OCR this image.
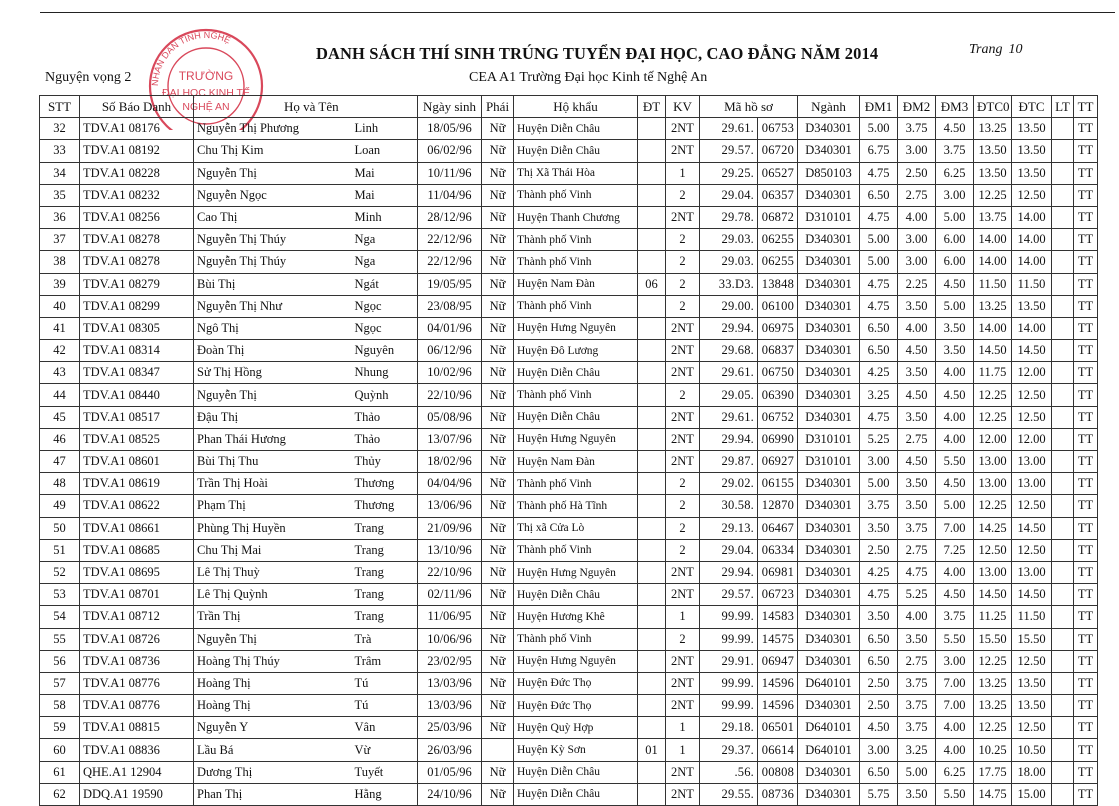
DANH SÁCH THÍ SINH TRÚNG TUYỂN ĐẠI HỌC, CAO ĐẲNG NĂM 2014	Trang 10
Nguyện vọng 2	CEA A1 Trường Đại học Kinh tế Nghệ An
NHÂN DÂN TỈNH NGHỆ
TRƯỜNG
ĐẠI HỌC KINH TẾ
NGHỆ AN
STT	Số Báo Danh	Họ và Tên		Ngày sinh	Phái	Hộ khẩu	ĐT	KV	Mã hồ sơ		Ngành	ĐM1	ĐM2	ĐM3	ĐTC0	ĐTC	LT	TT
32	TDV.A1 08176	Nguyễn Thị Phương	Linh	18/05/96	Nữ	Huyện Diễn Châu		2NT	29.61.	06753	D340301	5.00	3.75	4.50	13.25	13.50		TT
33	TDV.A1 08192	Chu Thị Kim	Loan	06/02/96	Nữ	Huyện Diễn Châu		2NT	29.57.	06720	D340301	6.75	3.00	3.75	13.50	13.50		TT
34	TDV.A1 08228	Nguyễn Thị	Mai	10/11/96	Nữ	Thị Xã Thái Hòa		1	29.25.	06527	D850103	4.75	2.50	6.25	13.50	13.50		TT
35	TDV.A1 08232	Nguyễn Ngọc	Mai	11/04/96	Nữ	Thành phố Vinh		2	29.04.	06357	D340301	6.50	2.75	3.00	12.25	12.50		TT
36	TDV.A1 08256	Cao Thị	Minh	28/12/96	Nữ	Huyện Thanh Chương		2NT	29.78.	06872	D310101	4.75	4.00	5.00	13.75	14.00		TT
37	TDV.A1 08278	Nguyễn Thị Thúy	Nga	22/12/96	Nữ	Thành phố Vinh		2	29.03.	06255	D340301	5.00	3.00	6.00	14.00	14.00		TT
38	TDV.A1 08278	Nguyễn Thị Thúy	Nga	22/12/96	Nữ	Thành phố Vinh		2	29.03.	06255	D340301	5.00	3.00	6.00	14.00	14.00		TT
39	TDV.A1 08279	Bùi Thị	Ngát	19/05/95	Nữ	Huyện Nam Đàn	06	2	33.D3.	13848	D340301	4.75	2.25	4.50	11.50	11.50		TT
40	TDV.A1 08299	Nguyễn Thị Như	Ngọc	23/08/95	Nữ	Thành phố Vinh		2	29.00.	06100	D340301	4.75	3.50	5.00	13.25	13.50		TT
41	TDV.A1 08305	Ngô Thị	Ngọc	04/01/96	Nữ	Huyện Hưng Nguyên		2NT	29.94.	06975	D340301	6.50	4.00	3.50	14.00	14.00		TT
42	TDV.A1 08314	Đoàn Thị	Nguyên	06/12/96	Nữ	Huyện Đô Lương		2NT	29.68.	06837	D340301	6.50	4.50	3.50	14.50	14.50		TT
43	TDV.A1 08347	Sử Thị Hồng	Nhung	10/02/96	Nữ	Huyện Diễn Châu		2NT	29.61.	06750	D340301	4.25	3.50	4.00	11.75	12.00		TT
44	TDV.A1 08440	Nguyễn Thị	Quỳnh	22/10/96	Nữ	Thành phố Vinh		2	29.05.	06390	D340301	3.25	4.50	4.50	12.25	12.50		TT
45	TDV.A1 08517	Đậu Thị	Thảo	05/08/96	Nữ	Huyện Diễn Châu		2NT	29.61.	06752	D340301	4.75	3.50	4.00	12.25	12.50		TT
46	TDV.A1 08525	Phan Thái Hương	Thảo	13/07/96	Nữ	Huyện Hưng Nguyên		2NT	29.94.	06990	D310101	5.25	2.75	4.00	12.00	12.00		TT
47	TDV.A1 08601	Bùi Thị Thu	Thủy	18/02/96	Nữ	Huyện Nam Đàn		2NT	29.87.	06927	D310101	3.00	4.50	5.50	13.00	13.00		TT
48	TDV.A1 08619	Trần Thị Hoài	Thương	04/04/96	Nữ	Thành phố Vinh		2	29.02.	06155	D340301	5.00	3.50	4.50	13.00	13.00		TT
49	TDV.A1 08622	Phạm Thị	Thương	13/06/96	Nữ	Thành phố Hà Tĩnh		2	30.58.	12870	D340301	3.75	3.50	5.00	12.25	12.50		TT
50	TDV.A1 08661	Phùng Thị Huyền	Trang	21/09/96	Nữ	Thị xã Cửa Lò		2	29.13.	06467	D340301	3.50	3.75	7.00	14.25	14.50		TT
51	TDV.A1 08685	Chu Thị Mai	Trang	13/10/96	Nữ	Thành phố Vinh		2	29.04.	06334	D340301	2.50	2.75	7.25	12.50	12.50		TT
52	TDV.A1 08695	Lê Thị Thuỳ	Trang	22/10/96	Nữ	Huyện Hưng Nguyên		2NT	29.94.	06981	D340301	4.25	4.75	4.00	13.00	13.00		TT
53	TDV.A1 08701	Lê Thị Quỳnh	Trang	02/11/96	Nữ	Huyện Diễn Châu		2NT	29.57.	06723	D340301	4.75	5.25	4.50	14.50	14.50		TT
54	TDV.A1 08712	Trần Thị	Trang	11/06/95	Nữ	Huyện Hương Khê		1	99.99.	14583	D340301	3.50	4.00	3.75	11.25	11.50		TT
55	TDV.A1 08726	Nguyễn Thị	Trà	10/06/96	Nữ	Thành phố Vinh		2	99.99.	14575	D340301	6.50	3.50	5.50	15.50	15.50		TT
56	TDV.A1 08736	Hoàng Thị Thúy	Trâm	23/02/95	Nữ	Huyện Hưng Nguyên		2NT	29.91.	06947	D340301	6.50	2.75	3.00	12.25	12.50		TT
57	TDV.A1 08776	Hoàng Thị	Tú	13/03/96	Nữ	Huyện Đức Thọ		2NT	99.99.	14596	D640101	2.50	3.75	7.00	13.25	13.50		TT
58	TDV.A1 08776	Hoàng Thị	Tú	13/03/96	Nữ	Huyện Đức Thọ		2NT	99.99.	14596	D340301	2.50	3.75	7.00	13.25	13.50		TT
59	TDV.A1 08815	Nguyễn Y	Vân	25/03/96	Nữ	Huyện Quỳ Hợp		1	29.18.	06501	D640101	4.50	3.75	4.00	12.25	12.50		TT
60	TDV.A1 08836	Lầu Bá	Vừ	26/03/96		Huyện Kỳ Sơn	01	1	29.37.	06614	D640101	3.00	3.25	4.00	10.25	10.50		TT
61	QHE.A1 12904	Dương Thị	Tuyết	01/05/96	Nữ	Huyện Diễn Châu		2NT	.56.	00808	D340301	6.50	5.00	6.25	17.75	18.00		TT
62	DDQ.A1 19590	Phan Thị	Hằng	24/10/96	Nữ	Huyện Diễn Châu		2NT	29.55.	08736	D340301	5.75	3.50	5.50	14.75	15.00		TT
